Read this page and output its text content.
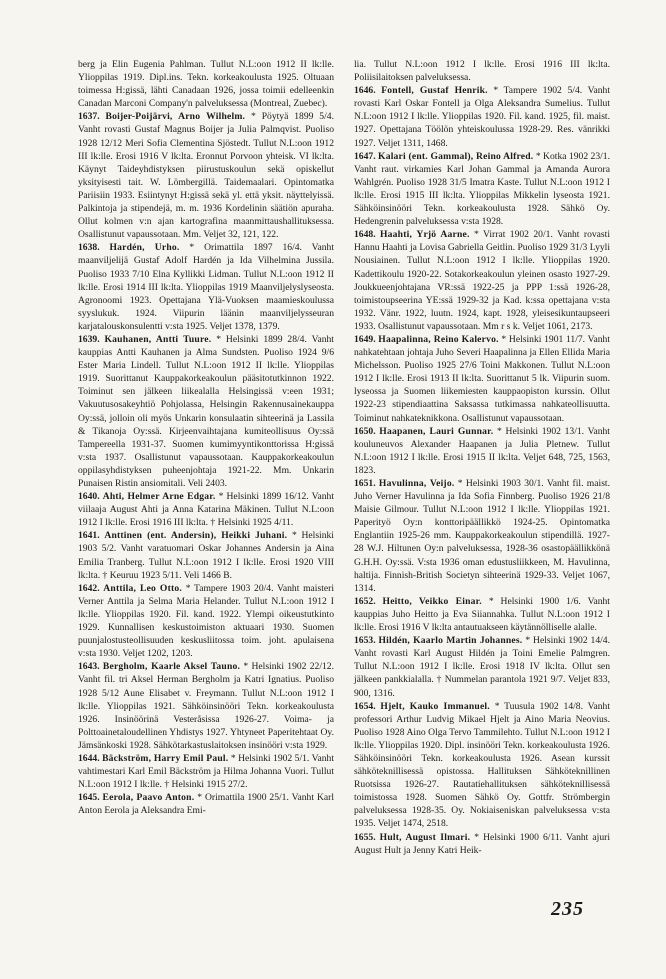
berg ja Elin Eugenia Pahlman. Tullut N.L:oon 1912 II lk:lle. Ylioppilas 1919. Dipl.ins. Tekn. korkeakoulusta 1925. Oltuaan toimessa H:gissä, lähti Canadaan 1926, jossa toimii edelleenkin Canadan Marconi Company'n palveluksessa (Montreal, Zuebec).

1637. Boijer-Poijärvi, Arno Wilhelm. * Pöytyä 1899 5/4. Vanht rovasti Gustaf Magnus Boijer ja Julia Palmqvist. Puoliso 1928 12/12 Meri Sofia Clementina Sjöstedt. Tullut N.L:oon 1912 III lk:lle. Erosi 1916 V lk:lta. Eronnut Porvoon yhteisk. VI lk:lta. Käynyt Taideyhdistyksen piirustuskoulun sekä opiskellut yksityisesti tait. W. Lömbergillä. Taidemaalari. Opintomatka Pariisiin 1933. Esiintynyt H:gissä sekä yl. että yksit. näyttelyissä. Palkintoja ja stipendejä, m. m. 1936 Kordelinin säätiön apuraha. Ollut kolmen v:n ajan kartografina maanmittaushallituksessa. Osallistunut vapaussotaan. Mm. Veljet 32, 121, 122.

1638. Hardén, Urho. * Orimattila 1897 16/4. Vanht maanviljelijä Gustaf Adolf Hardén ja Ida Vilhelmina Jussila. Puoliso 1933 7/10 Elna Kyllikki Lidman. Tullut N.L:oon 1912 II lk:lle. Erosi 1914 III lk:lta. Ylioppilas 1919 Maanviljelyslyseosta. Agronoomi 1923. Opettajana Ylä-Vuoksen maamieskoulussa syyslukuk. 1924. Viipurin läänin maanviljelysseuran karjatalouskonsulentti v:sta 1925. Veljet 1378, 1379.

1639. Kauhanen, Antti Tuure. * Helsinki 1899 28/4. Vanht kauppias Antti Kauhanen ja Alma Sundsten. Puoliso 1924 9/6 Ester Maria Lindell. Tullut N.L:oon 1912 II lk:lle. Ylioppilas 1919. Suorittanut Kauppakorkeakoulun pääsitotutkinnon 1922. Toiminut sen jälkeen liikealalla Helsingissä v:een 1931; Vakuutusosakeyhtiö Pohjolassa, Helsingin Rakennusainekauppa Oy:ssä, jolloin oli myös Unkarin konsulaatin sihteerinä ja Lassila & Tikanoja Oy:ssä. Kirjeenvaihtajana kumiteollisuus Oy:ssä Tampereella 1931-37. Suomen kumimyyntikonttorissa H:gissä v:sta 1937. Osallistunut vapaussotaan. Kauppakorkeakoulun oppilasyhdistyksen puheenjohtaja 1921-22. Mm. Unkarin Punaisen Ristin ansiomitali. Veli 2403.

1640. Ahti, Helmer Arne Edgar. * Helsinki 1899 16/12. Vanht viilaaja August Ahti ja Anna Katarina Mäkinen. Tullut N.L:oon 1912 I lk:lle. Erosi 1916 III lk:lta. † Helsinki 1925 4/11.

1641. Anttinen (ent. Andersin), Heikki Juhani. * Helsinki 1903 5/2. Vanht varatuomari Oskar Johannes Andersin ja Aina Emilia Tranberg. Tullut N.L:oon 1912 I lk:lle. Erosi 1920 VIII lk:lta. † Keuruu 1923 5/11. Veli 1466 B.

1642. Anttila, Leo Otto. * Tampere 1903 20/4. Vanht maisteri Verner Anttila ja Selma Maria Helander. Tullut N.L:oon 1912 I lk:lle. Ylioppilas 1920. Fil. kand. 1922. Ylempi oikeustutkinto 1929. Kunnallisen keskustoimiston aktuaari 1930. Suomen puunjalostusteollisuuden keskusliitossa toim. joht. apulaisena v:sta 1930. Veljet 1202, 1203.

1643. Bergholm, Kaarle Aksel Tauno. * Helsinki 1902 22/12. Vanht fil. tri Aksel Herman Bergholm ja Katri Ignatius. Puoliso 1928 5/12 Aune Elisabet v. Freymann. Tullut N.L:oon 1912 I lk:lle. Ylioppilas 1921. Sähköinsinööri Tekn. korkeakoulusta 1926. Insinöörinä Vesteråsissa 1926-27. Voima- ja Polttoainetaloudellinen Yhdistys 1927. Yhtyneet Paperitehtaat Oy. Jämsänkoski 1928. Sähkötarkastuslaitoksen insinööri v:sta 1929.

1644. Bäckström, Harry Emil Paul. * Helsinki 1902 5/1. Vanht vahtimestari Karl Emil Bäckström ja Hilma Johanna Vuori. Tullut N.L:oon 1912 I lk:lle. † Helsinki 1915 27/2.

1645. Eerola, Paavo Anton. * Orimattila 1900 25/1. Vanht Karl Anton Eerola ja Aleksandra Emi-

lia. Tullut N.L:oon 1912 I lk:lle. Erosi 1916 III lk:lta. Poliisilaitoksen palveluksessa.

1646. Fontell, Gustaf Henrik. * Tampere 1902 5/4. Vanht rovasti Karl Oskar Fontell ja Olga Aleksandra Sumelius. Tullut N.L:oon 1912 I lk:lle. Ylioppilas 1920. Fil. kand. 1925, fil. maist. 1927. Opettajana Töölön yhteiskoulussa 1928-29. Res. vänrikki 1927. Veljet 1311, 1468.

1647. Kalari (ent. Gammal), Reino Alfred. * Kotka 1902 23/1. Vanht raut. virkamies Karl Johan Gammal ja Amanda Aurora Wahlgrén. Puoliso 1928 31/5 Imatra Kaste. Tullut N.L:oon 1912 I lk:lle. Erosi 1915 III lk:lta. Ylioppilas Mikkelin lyseosta 1921. Sähköinsinööri Tekn. korkeakoulusta 1928. Sähkö Oy. Hedengrenin palveluksessa v:sta 1928.

1648. Haahti, Yrjö Aarne. * Virrat 1902 20/1. Vanht rovasti Hannu Haahti ja Lovisa Gabriella Geitlin. Puoliso 1929 31/3 Lyyli Nousiainen. Tullut N.L:oon 1912 I lk:lle. Ylioppilas 1920. Kadettikoulu 1920-22. Sotakorkeakoulun yleinen osasto 1927-29. Joukkueenjohtajana VR:ssä 1922-25 ja PPP 1:ssä 1926-28, toimistoupseerina YE:ssä 1929-32 ja Kad. k:ssa opettajana v:sta 1932. Vänr. 1922, luutn. 1924, kapt. 1928, yleisesikuntaupseeri 1933. Osallistunut vapaussotaan. Mm r s k. Veljet 1061, 2173.

1649. Haapalinna, Reino Kalervo. * Helsinki 1901 11/7. Vanht nahkatehtaan johtaja Juho Severi Haapalinna ja Ellen Ellida Maria Michelsson. Puoliso 1925 27/6 Toini Makkonen. Tullut N.L:oon 1912 I lk:lle. Erosi 1913 II lk:lta. Suorittanut 5 lk. Viipurin suom. lyseossa ja Suomen liikemiesten kauppaopiston kurssin. Ollut 1922-23 stipendiaattina Saksassa tutkimassa nahkateollisuutta. Toiminut nahkateknikkona. Osallistunut vapaussotaan.

1650. Haapanen, Lauri Gunnar. * Helsinki 1902 13/1. Vanht kouluneuvos Alexander Haapanen ja Julia Pletnew. Tullut N.L:oon 1912 I lk:lle. Erosi 1915 II lk:lta. Veljet 648, 725, 1563, 1823.

1651. Havulinna, Veijo. * Helsinki 1903 30/1. Vanht fil. maist. Juho Verner Havulinna ja Ida Sofia Finnberg. Puoliso 1926 21/8 Maisie Gilmour. Tullut N.L:oon 1912 I lk:lle. Ylioppilas 1921. Paperityö Oy:n konttoripäällikkö 1924-25. Opintomatka Englantiin 1925-26 mm. Kauppakorkeakoulun stipendillä. 1927-28 W.J. Hiltunen Oy:n palveluksessa, 1928-36 osastopäällikkönä G.H.H. Oy:ssä. V:sta 1936 oman edustusliikkeen, M. Havulinna, haltija. Finnish-British Societyn sihteerinä 1929-33. Veljet 1067, 1314.

1652. Heitto, Veikko Einar. * Helsinki 1900 1/6. Vanht kauppias Juho Heitto ja Eva Siiannahka. Tullut N.L:oon 1912 I lk:lle. Erosi 1916 V lk:lta antautuakseen käytännölliselle alalle.

1653. Hildén, Kaarlo Martin Johannes. * Helsinki 1902 14/4. Vanht rovasti Karl August Hildén ja Toini Emelie Palmgren. Tullut N.L:oon 1912 I lk:lle. Erosi 1918 IV lk:lta. Ollut sen jälkeen pankkialalla. † Nummelan parantola 1921 9/7. Veljet 833, 900, 1316.

1654. Hjelt, Kauko Immanuel. * Tuusula 1902 14/8. Vanht professori Arthur Ludvig Mikael Hjelt ja Aino Maria Neovius. Puoliso 1928 Aino Olga Tervo Tammilehto. Tullut N.L:oon 1912 I lk:lle. Ylioppilas 1920. Dipl. insinööri Tekn. korkeakoulusta 1926. Sähköinsinööri Tekn. korkeakoulusta 1926. Asean kurssit sähköteknillisessä opistossa. Hallituksen Sähköteknillinen Ruotsissa 1926-27. Rautatiehallituksen sähköteknillisessä toimistossa 1928. Suomen Sähkö Oy. Gottfr. Strömbergin palveluksessa 1928-35. Oy. Nokiaiseniskan palveluksessa v:sta 1935. Veljet 1474, 2518.

1655. Hult, August Ilmari. * Helsinki 1900 6/11. Vanht ajuri August Hult ja Jenny Katri Heik-

235
